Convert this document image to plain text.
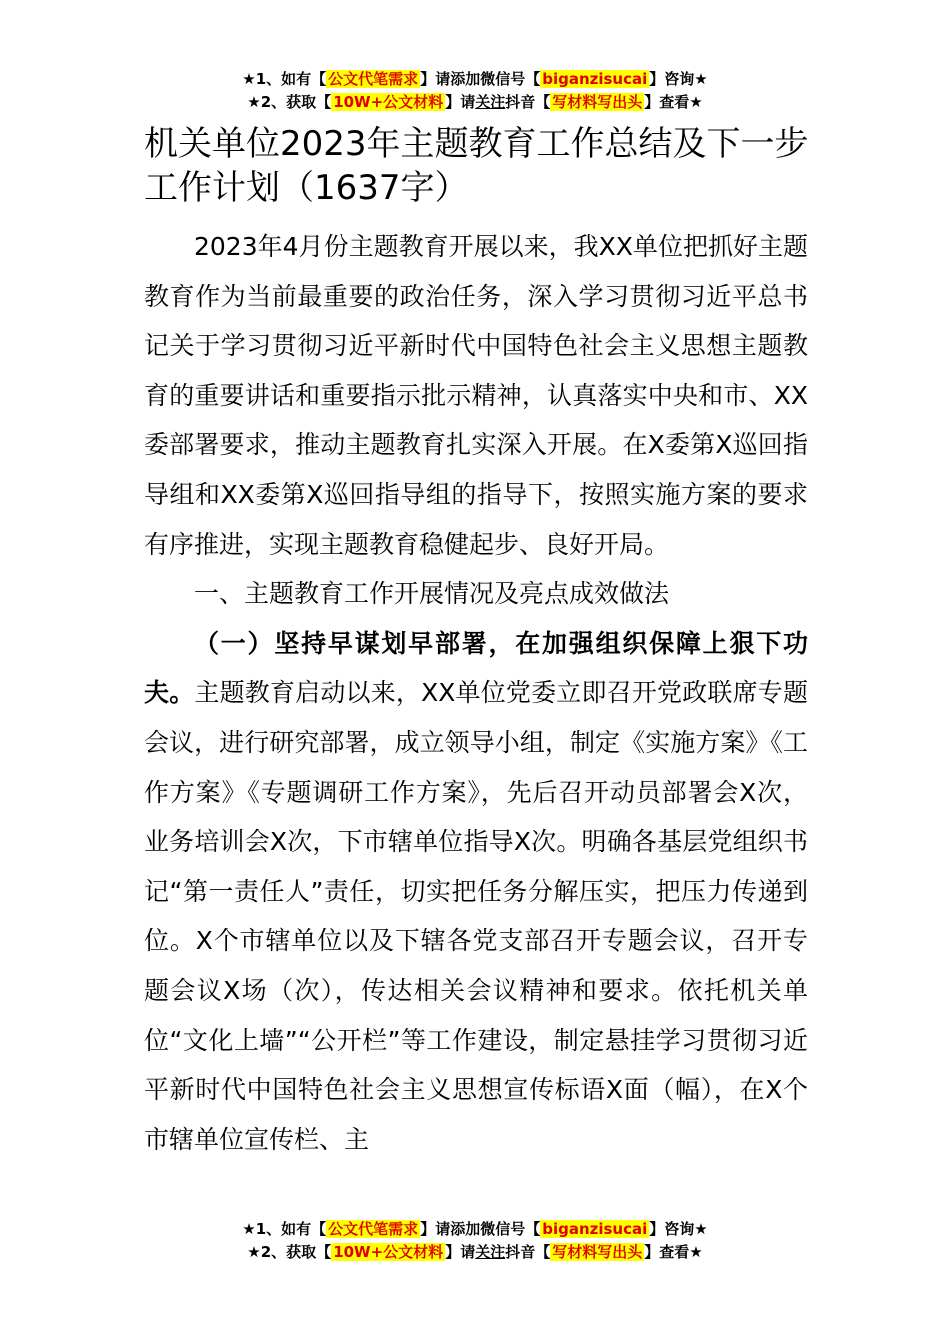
★1、如有【 公文代笔需求 】请添加微信号【 biganzisucai 】咨询★
★2、获取【 10W+公文材料 】请关注抖音【 写材料写出头 】查看★
机关单位2023年主题教育工作总结及下一步工作计划（1637字）

2023年4月份主题教育开展以来，我XX单位把抓好主题教育作为当前最重要的政治任务，深入学习贯彻习近平总书记关于学习贯彻习近平新时代中国特色社会主义思想主题教育的重要讲话和重要指示批示精神，认真落实中央和市、XX委部署要求，推动主题教育扎实深入开展。在X委第X巡回指导组和XX委第X巡回指导组的指导下，按照实施方案的要求有序推进，实现主题教育稳健起步、良好开局。

一、主题教育工作开展情况及亮点成效做法

（一）坚持早谋划早部署，在加强组织保障上狠下功夫。主题教育启动以来，XX单位党委立即召开党政联席专题会议，进行研究部署，成立领导小组，制定《实施方案》《工作方案》《专题调研工作方案》，先后召开动员部署会X次，业务培训会X次，下市辖单位指导X次。明确各基层党组织书记“第一责任人”责任，切实把任务分解压实，把压力传递到位。X个市辖单位以及下辖各党支部召开专题会议，召开专题会议X场（次），传达相关会议精神和要求。依托机关单位“文化上墙”“公开栏”等工作建设，制定悬挂学习贯彻习近平新时代中国特色社会主义思想宣传标语X面（幅），在X个市辖单位宣传栏、主

★1、如有【 公文代笔需求 】请添加微信号【 biganzisucai 】咨询★
★2、获取【 10W+公文材料 】请关注抖音【 写材料写出头 】查看★
